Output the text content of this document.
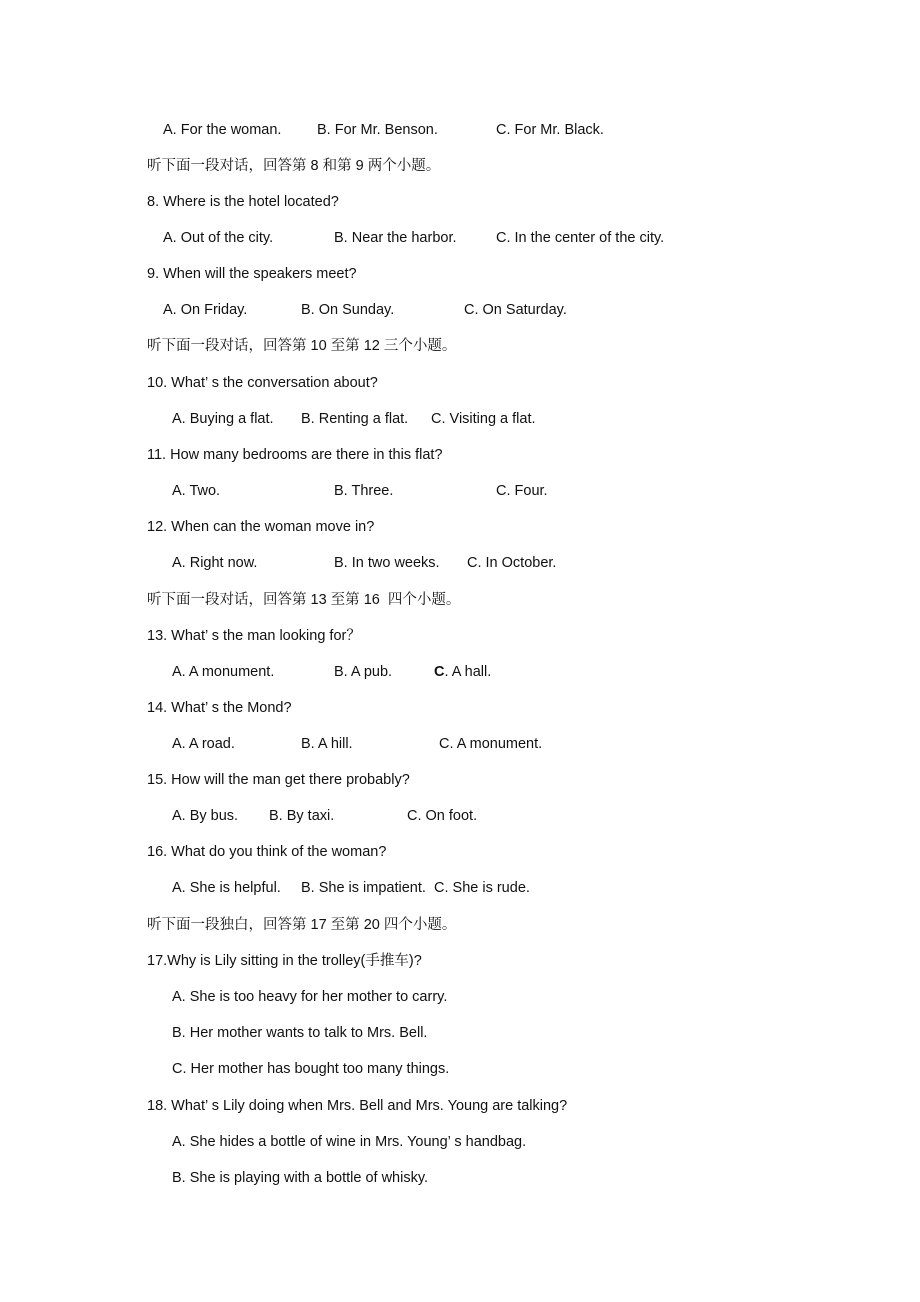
A. For the woman. B. For Mr. Benson.	C. For Mr. Black.
听下面一段对话，回答第 8 和第 9 两个小题。
8. Where is the hotel located?
A. Out of the city.	B. Near the harbor.	C. In the center of the city.
9. When will the speakers meet?
A. On Friday.	B. On Sunday.	C. On Saturday.
听下面一段对话，回答第 10 至第 12 三个小题。
10. What’ s the conversation about?
A. Buying a flat. B. Renting a flat. C. Visiting a flat.
11. How many bedrooms are there in this flat?
A. Two.	B. Three.	C. Four.
12. When can the woman move in?
A. Right now.	B. In two weeks. C. In October.
听下面一段对话，回答第 13 至第 16  四个小题。
13. What’ s the man looking for？
A. A monument.	B. A pub.	C. A hall.
14. What’ s the Mond?
A. A road.	B. A hill.	C. A monument.
15. How will the man get there probably?
A. By bus. B. By taxi.	C. On foot.
16. What do you think of the woman?
A. She is helpful. B. She is impatient. C. She is rude.
听下面一段独白，回答第 17 至第 20 四个小题。
17.Why is Lily sitting in the trolley(手推车)?
A. She is too heavy for her mother to carry.
B. Her mother wants to talk to Mrs. Bell.
C. Her mother has bought too many things.
18. What’ s Lily doing when Mrs. Bell and Mrs. Young are talking?
A. She hides a bottle of wine in Mrs. Young’ s handbag.
B. She is playing with a bottle of whisky.
